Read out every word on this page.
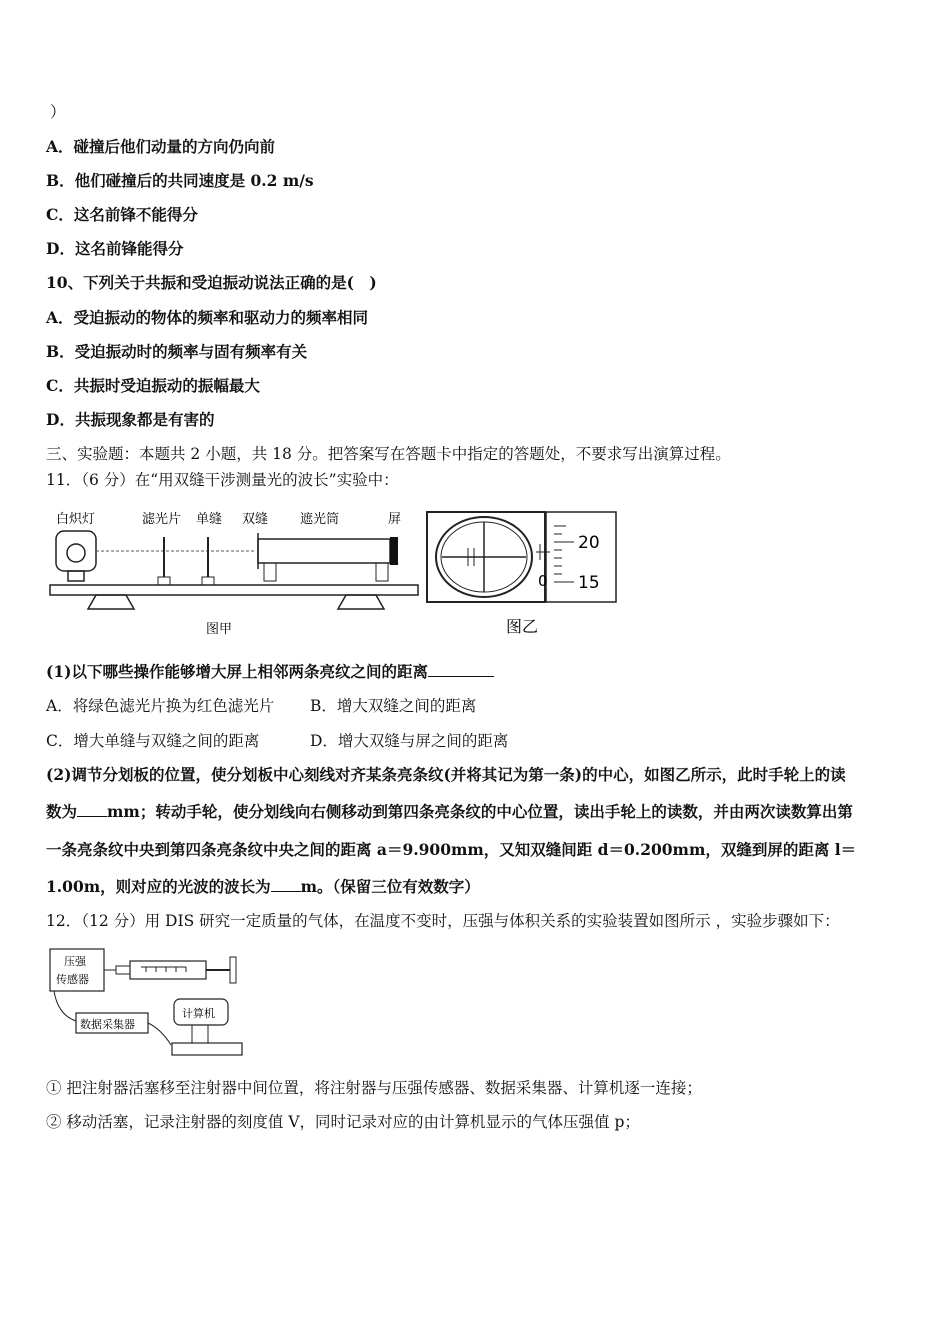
）
A．碰撞后他们动量的方向仍向前
B．他们碰撞后的共同速度是 0.2 m/s
C．这名前锋不能得分
D．这名前锋能得分
10、下列关于共振和受迫振动说法正确的是(　)
A．受迫振动的物体的频率和驱动力的频率相同
B．受迫振动时的频率与固有频率有关
C．共振时受迫振动的振幅最大
D．共振现象都是有害的
三、实验题：本题共 2 小题，共 18 分。把答案写在答题卡中指定的答题处，不要求写出演算过程。
11．（6 分）在“用双缝干涉测量光的波长”实验中：
白炽灯	滤光片 单缝 双缝 遮光筒	屏
图甲
20
15
0
图乙
(1)以下哪些操作能够增大屏上相邻两条亮纹之间的距离
A．将绿色滤光片换为红色滤光片 B．增大双缝之间的距离
C．增大单缝与双缝之间的距离	D．增大双缝与屏之间的距离
(2)调节分划板的位置，使分划板中心刻线对齐某条亮条纹(并将其记为第一条)的中心，如图乙所示，此时手轮上的读
数为 mm；转动手轮，使分划线向右侧移动到第四条亮条纹的中心位置，读出手轮上的读数，并由两次读数算出第
一条亮条纹中央到第四条亮条纹中央之间的距离 a＝9.900mm，又知双缝间距 d＝0.200mm，双缝到屏的距离 l＝
1.00m，则对应的光波的波长为 m。（保留三位有效数字）
12．（12 分）用 DIS 研究一定质量的气体，在温度不变时，压强与体积关系的实验装置如图所示 ，实验步骤如下：
压强
传感器
数据采集器
计算机
① 把注射器活塞移至注射器中间位置，将注射器与压强传感器、数据采集器、计算机逐一连接；
② 移动活塞，记录注射器的刻度值 V，同时记录对应的由计算机显示的气体压强值 p；
